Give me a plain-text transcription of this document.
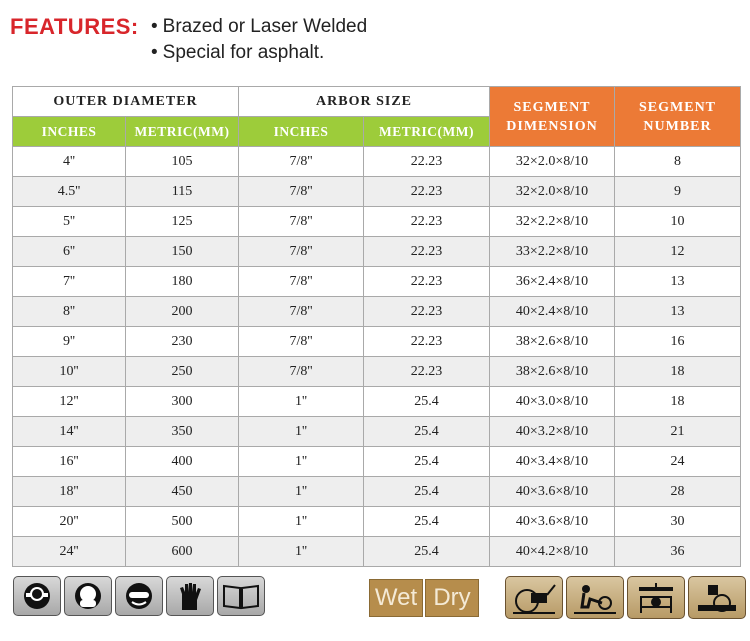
FEATURES: • Brazed or Laser Welded
• Special for asphalt.
OUTER DIAMETER		ARBOR SIZE		SEGMENT DIMENSION	SEGMENT NUMBER
INCHES	METRIC(MM)	INCHES	METRIC(MM)		
4''	105	7/8''	22.23	32×2.0×8/10	8
4.5''	115	7/8''	22.23	32×2.0×8/10	9
5''	125	7/8''	22.23	32×2.2×8/10	10
6''	150	7/8''	22.23	33×2.2×8/10	12
7''	180	7/8''	22.23	36×2.4×8/10	13
8''	200	7/8''	22.23	40×2.4×8/10	13
9''	230	7/8''	22.23	38×2.6×8/10	16
10''	250	7/8''	22.23	38×2.6×8/10	18
12''	300	1''	25.4	40×3.0×8/10	18
14''	350	1''	25.4	40×3.2×8/10	21
16''	400	1''	25.4	40×3.4×8/10	24
18''	450	1''	25.4	40×3.6×8/10	28
20''	500	1''	25.4	40×3.6×8/10	30
24''	600	1''	25.4	40×4.2×8/10	36
Wet Dry
